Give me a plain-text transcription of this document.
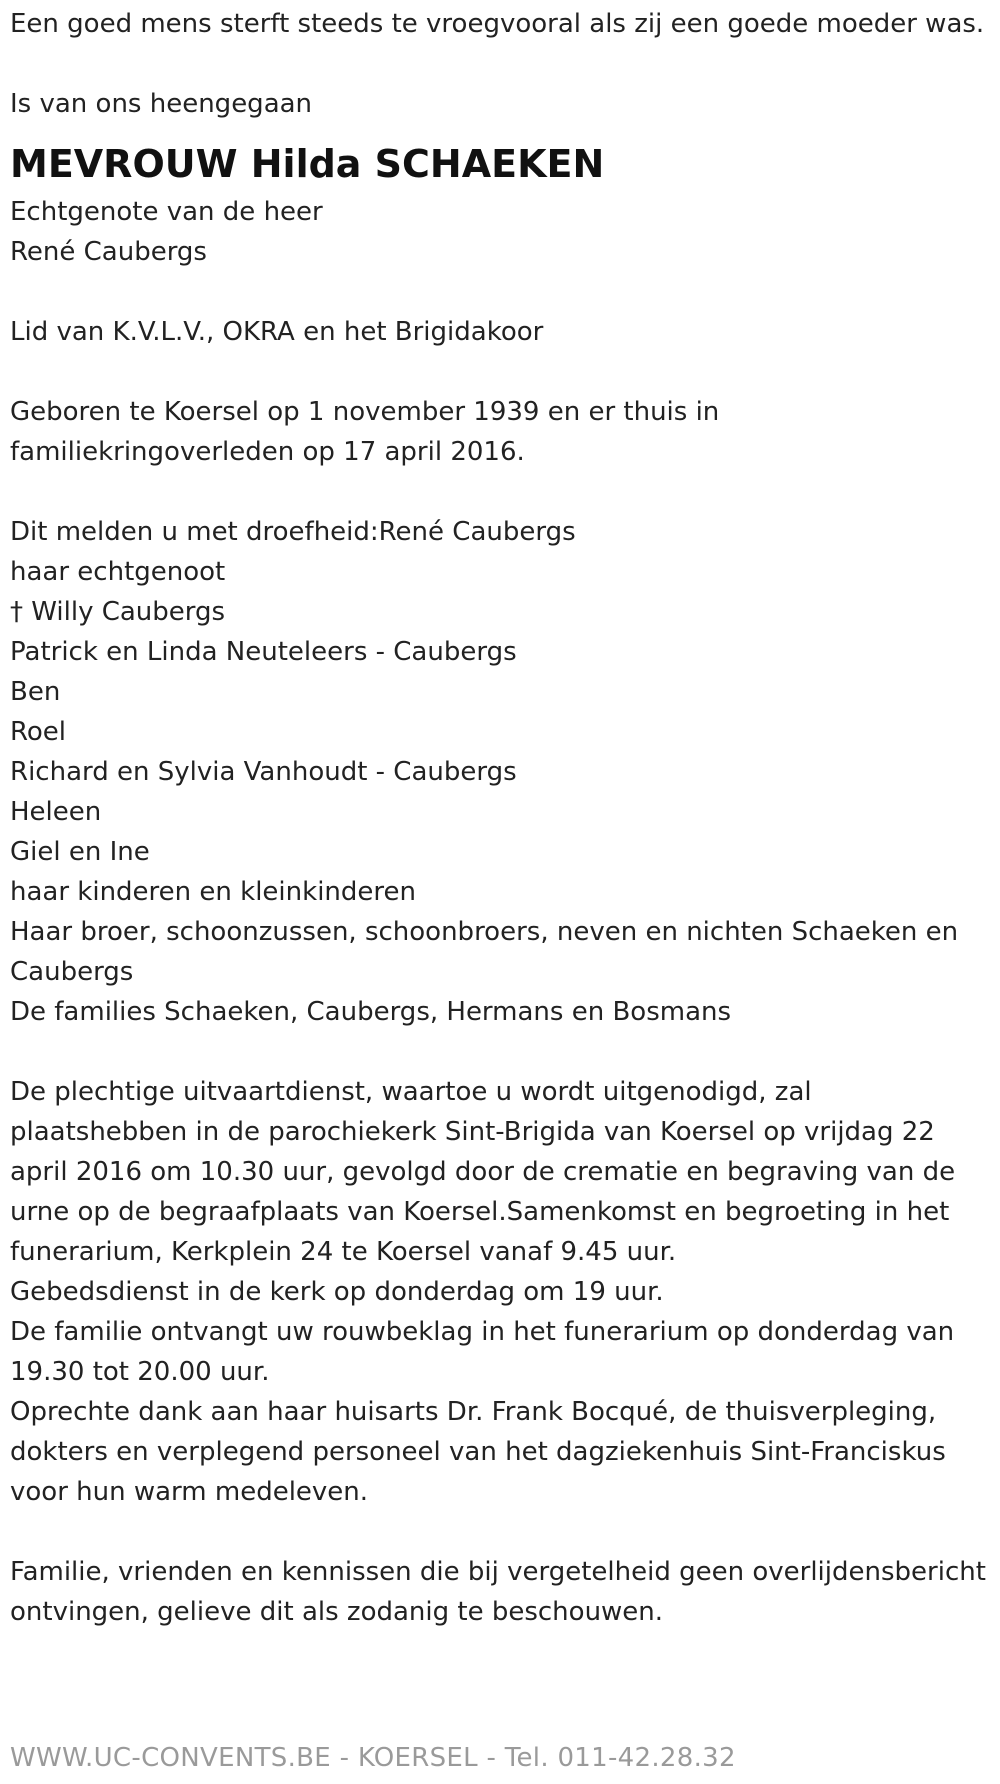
Een goed mens sterft steeds te vroegvooral als zij een goede moeder was.
Is van ons heengegaan
MEVROUW Hilda SCHAEKEN
Echtgenote van de heer
René Caubergs
Lid van K.V.L.V., OKRA en het Brigidakoor
Geboren te Koersel op 1 november 1939 en er thuis in
familiekringoverleden op 17 april 2016.
Dit melden u met droefheid:René Caubergs
haar echtgenoot
† Willy Caubergs
Patrick en Linda Neuteleers - Caubergs
Ben
Roel
Richard en Sylvia Vanhoudt - Caubergs
Heleen
Giel en Ine
haar kinderen en kleinkinderen
Haar broer, schoonzussen, schoonbroers, neven en nichten Schaeken en Caubergs
De families Schaeken, Caubergs, Hermans en Bosmans
De plechtige uitvaartdienst, waartoe u wordt uitgenodigd, zal plaatshebben in de parochiekerk Sint-Brigida van Koersel op vrijdag 22 april 2016 om 10.30 uur, gevolgd door de crematie en begraving van de urne op de begraafplaats van Koersel.Samenkomst en begroeting in het funerarium, Kerkplein 24 te Koersel vanaf 9.45 uur.
Gebedsdienst in de kerk op donderdag om 19 uur.
De familie ontvangt uw rouwbeklag in het funerarium op donderdag van 19.30 tot 20.00 uur.
Oprechte dank aan haar huisarts Dr. Frank Bocqué, de thuisverpleging, dokters en verplegend personeel van het dagziekenhuis Sint-Franciskus voor hun warm medeleven.
Familie, vrienden en kennissen die bij vergetelheid geen overlijdensbericht ontvingen, gelieve dit als zodanig te beschouwen.
WWW.UC-CONVENTS.BE - KOERSEL - Tel. 011-42.28.32
